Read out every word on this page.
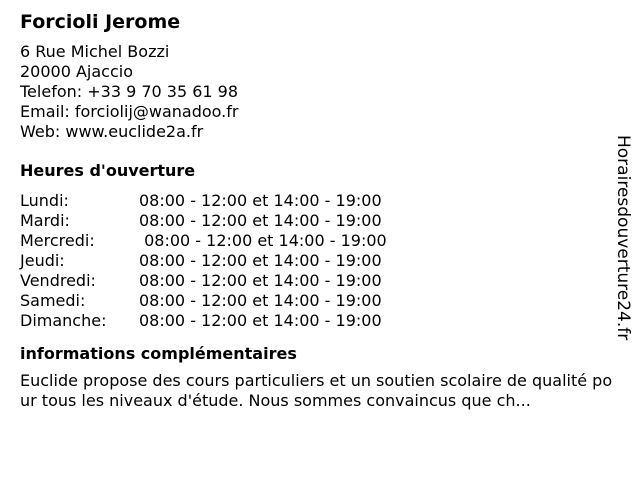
Forcioli Jerome
6 Rue Michel Bozzi
20000 Ajaccio
Telefon: +33 9 70 35 61 98
Email: forciolij@wanadoo.fr
Web: www.euclide2a.fr
Heures d'ouverture
Lundi:	08:00 - 12:00 et 14:00 - 19:00
Mardi:	08:00 - 12:00 et 14:00 - 19:00
Mercredi:	08:00 - 12:00 et 14:00 - 19:00
Jeudi:	08:00 - 12:00 et 14:00 - 19:00
Vendredi:	08:00 - 12:00 et 14:00 - 19:00
Samedi:	08:00 - 12:00 et 14:00 - 19:00
Dimanche:	08:00 - 12:00 et 14:00 - 19:00
informations complémentaires
Euclide propose des cours particuliers et un soutien scolaire de qualité pour tous les niveaux d'étude. Nous sommes convaincus que ch...
Horairesdouverture24.fr
